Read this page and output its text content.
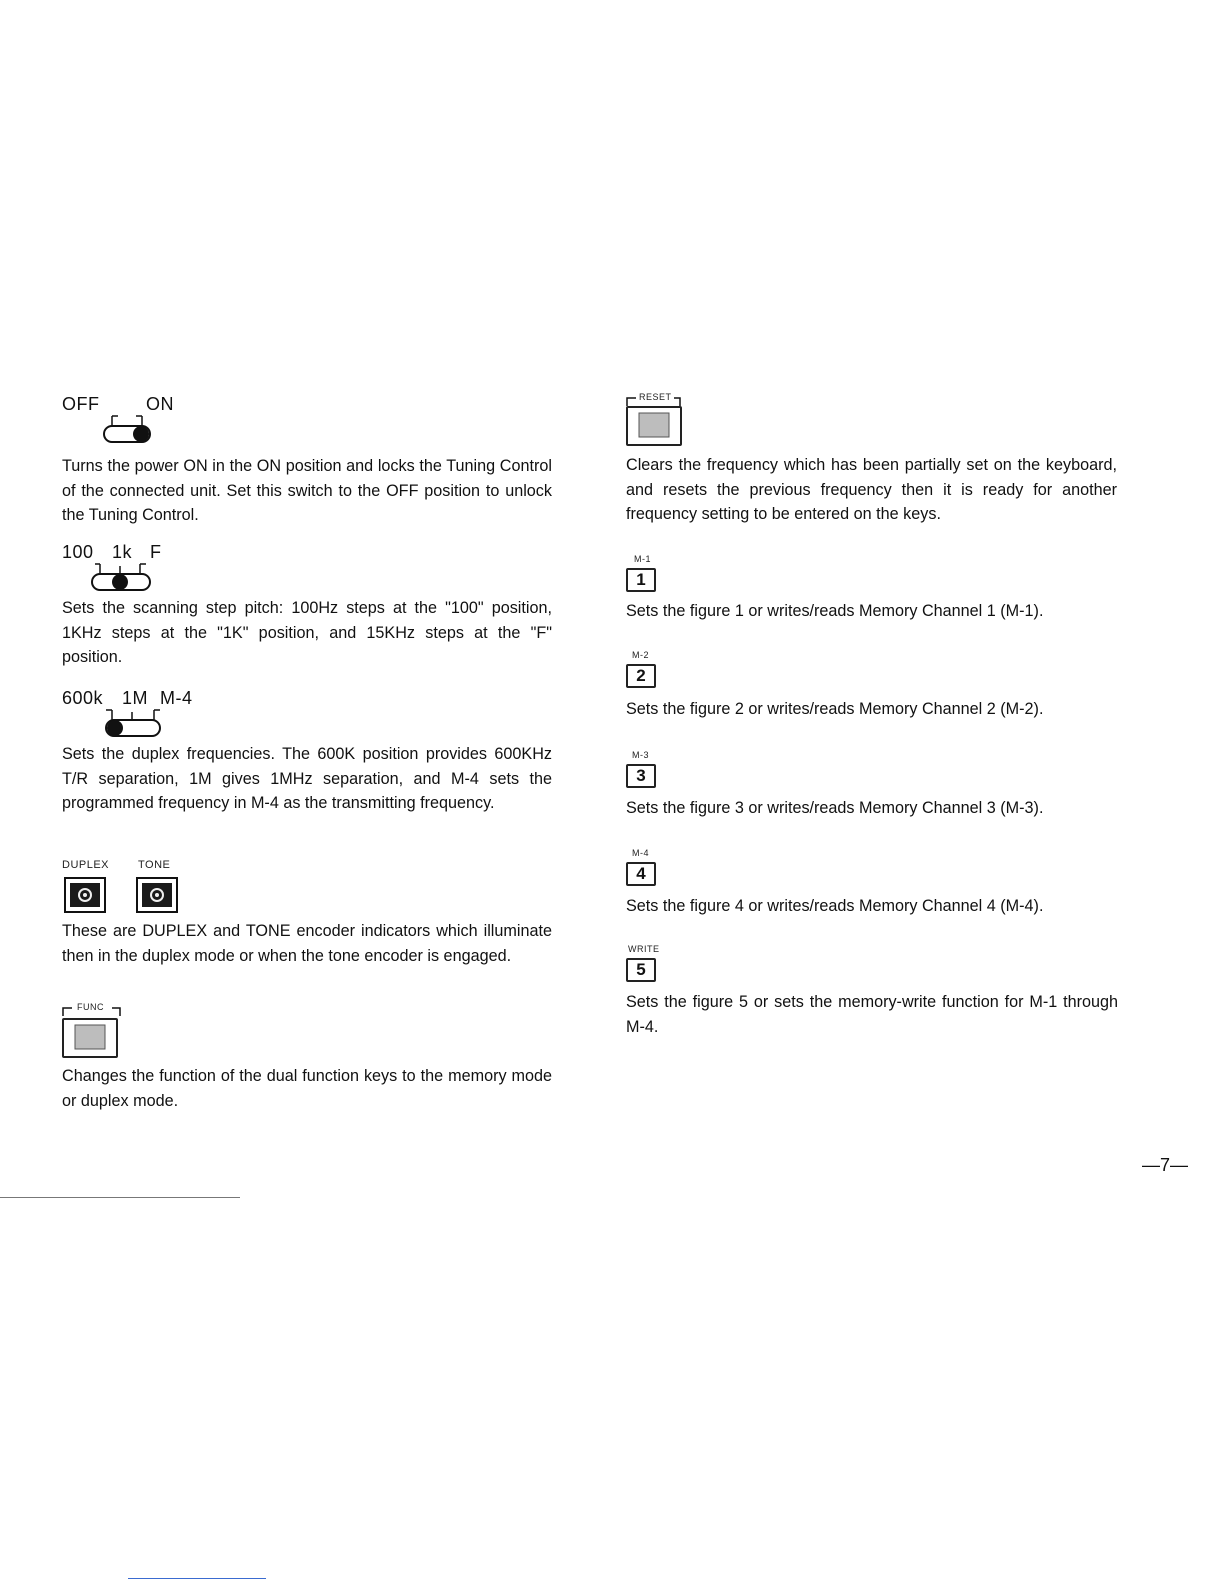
OFF	ON

Turns the power ON in the ON position and locks the Tuning Control of the connected unit. Set this switch to the OFF position to unlock the Tuning Control.

100 1k F

Sets the scanning step pitch: 100Hz steps at the "100" position, 1KHz steps at the "1K" position, and 15KHz steps at the "F" position.

600k 1M M-4

Sets the duplex frequencies. The 600K position provides 600KHz T/R separation, 1M gives 1MHz separation, and M-4 sets the programmed frequency in M-4 as the transmitting frequency.

DUPLEX	TONE

These are DUPLEX and TONE encoder indicators which illuminate then in the duplex mode or when the tone encoder is engaged.

FUNC

Changes the function of the dual function keys to the memory mode or duplex mode.

RESET

Clears the frequency which has been partially set on the keyboard, and resets the previous frequency then it is ready for another frequency setting to be entered on the keys.

M-1
1

Sets the figure 1 or writes/reads Memory Channel 1 (M-1).

M-2
2

Sets the figure 2 or writes/reads Memory Channel 2 (M-2).

M-3
3

Sets the figure 3 or writes/reads Memory Channel 3 (M-3).

M-4
4

Sets the figure 4 or writes/reads Memory Channel 4 (M-4).

WRITE
5

Sets the figure 5 or sets the memory-write function for M-1 through M-4.

—7—
